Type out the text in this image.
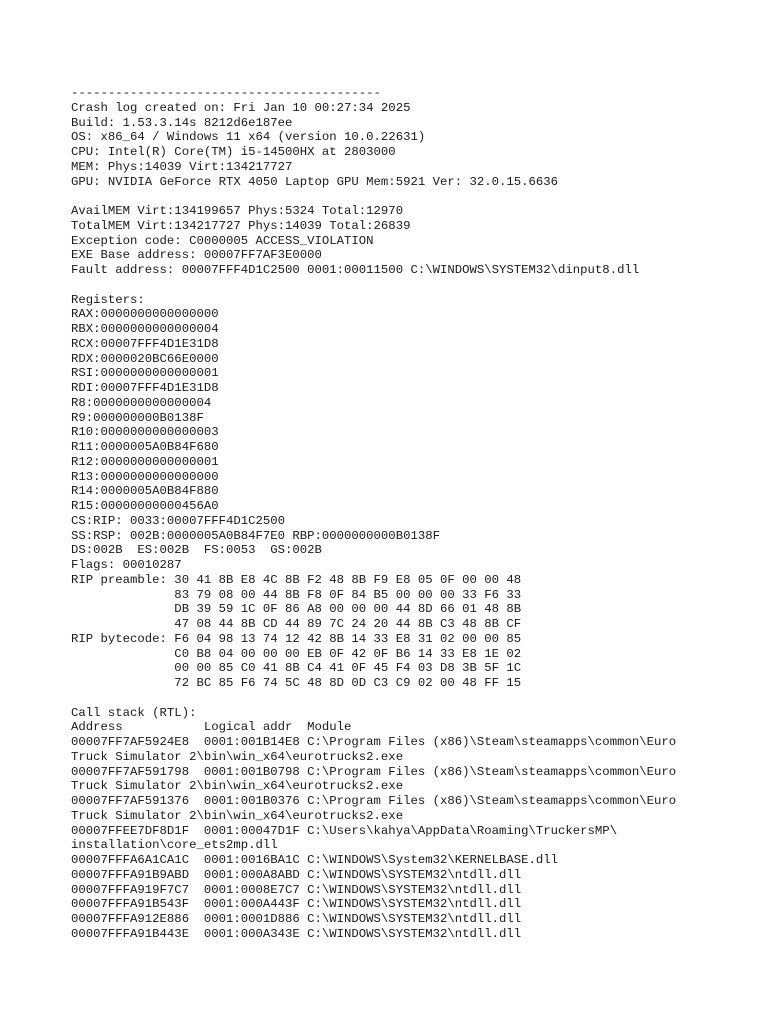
------------------------------------------
Crash log created on: Fri Jan 10 00:27:34 2025
Build: 1.53.3.14s 8212d6e187ee
OS: x86_64 / Windows 11 x64 (version 10.0.22631)
CPU: Intel(R) Core(TM) i5-14500HX at 2803000
MEM: Phys:14039 Virt:134217727
GPU: NVIDIA GeForce RTX 4050 Laptop GPU Mem:5921 Ver: 32.0.15.6636
AvailMEM Virt:134199657 Phys:5324 Total:12970
TotalMEM Virt:134217727 Phys:14039 Total:26839
Exception code: C0000005 ACCESS_VIOLATION
EXE Base address: 00007FF7AF3E0000
Fault address: 00007FFF4D1C2500 0001:00011500 C:\WINDOWS\SYSTEM32\dinput8.dll
Registers:
RAX:0000000000000000
RBX:0000000000000004
RCX:00007FFF4D1E31D8
RDX:0000020BC66E0000
RSI:0000000000000001
RDI:00007FFF4D1E31D8
R8:0000000000000004
R9:000000000B0138F
R10:0000000000000003
R11:0000005A0B84F680
R12:0000000000000001
R13:0000000000000000
R14:0000005A0B84F880
R15:00000000000456A0
CS:RIP: 0033:00007FFF4D1C2500
SS:RSP: 002B:0000005A0B84F7E0 RBP:0000000000B0138F
DS:002B  ES:002B  FS:0053  GS:002B
Flags: 00010287
RIP preamble: 30 41 8B E8 4C 8B F2 48 8B F9 E8 05 0F 00 00 48
83 79 08 00 44 8B F8 0F 84 B5 00 00 00 33 F6 33
DB 39 59 1C 0F 86 A8 00 00 00 44 8D 66 01 48 8B
47 08 44 8B CD 44 89 7C 24 20 44 8B C3 48 8B CF
RIP bytecode: F6 04 98 13 74 12 42 8B 14 33 E8 31 02 00 00 85
C0 B8 04 00 00 00 EB 0F 42 0F B6 14 33 E8 1E 02
00 00 85 C0 41 8B C4 41 0F 45 F4 03 D8 3B 5F 1C
72 BC 85 F6 74 5C 48 8D 0D C3 C9 02 00 48 FF 15
Call stack (RTL):
Address           Logical addr  Module
00007FF7AF5924E8  0001:001B14E8 C:\Program Files (x86)\Steam\steamapps\common\Euro
Truck Simulator 2\bin\win_x64\eurotrucks2.exe
00007FF7AF591798  0001:001B0798 C:\Program Files (x86)\Steam\steamapps\common\Euro
Truck Simulator 2\bin\win_x64\eurotrucks2.exe
00007FF7AF591376  0001:001B0376 C:\Program Files (x86)\Steam\steamapps\common\Euro
Truck Simulator 2\bin\win_x64\eurotrucks2.exe
00007FFEE7DF8D1F  0001:00047D1F C:\Users\kahya\AppData\Roaming\TruckersMP\
installation\core_ets2mp.dll
00007FFFA6A1CA1C  0001:0016BA1C C:\WINDOWS\System32\KERNELBASE.dll
00007FFFA91B9ABD  0001:000A8ABD C:\WINDOWS\SYSTEM32\ntdll.dll
00007FFFA919F7C7  0001:0008E7C7 C:\WINDOWS\SYSTEM32\ntdll.dll
00007FFFA91B543F  0001:000A443F C:\WINDOWS\SYSTEM32\ntdll.dll
00007FFFA912E886  0001:0001D886 C:\WINDOWS\SYSTEM32\ntdll.dll
00007FFFA91B443E  0001:000A343E C:\WINDOWS\SYSTEM32\ntdll.dll
